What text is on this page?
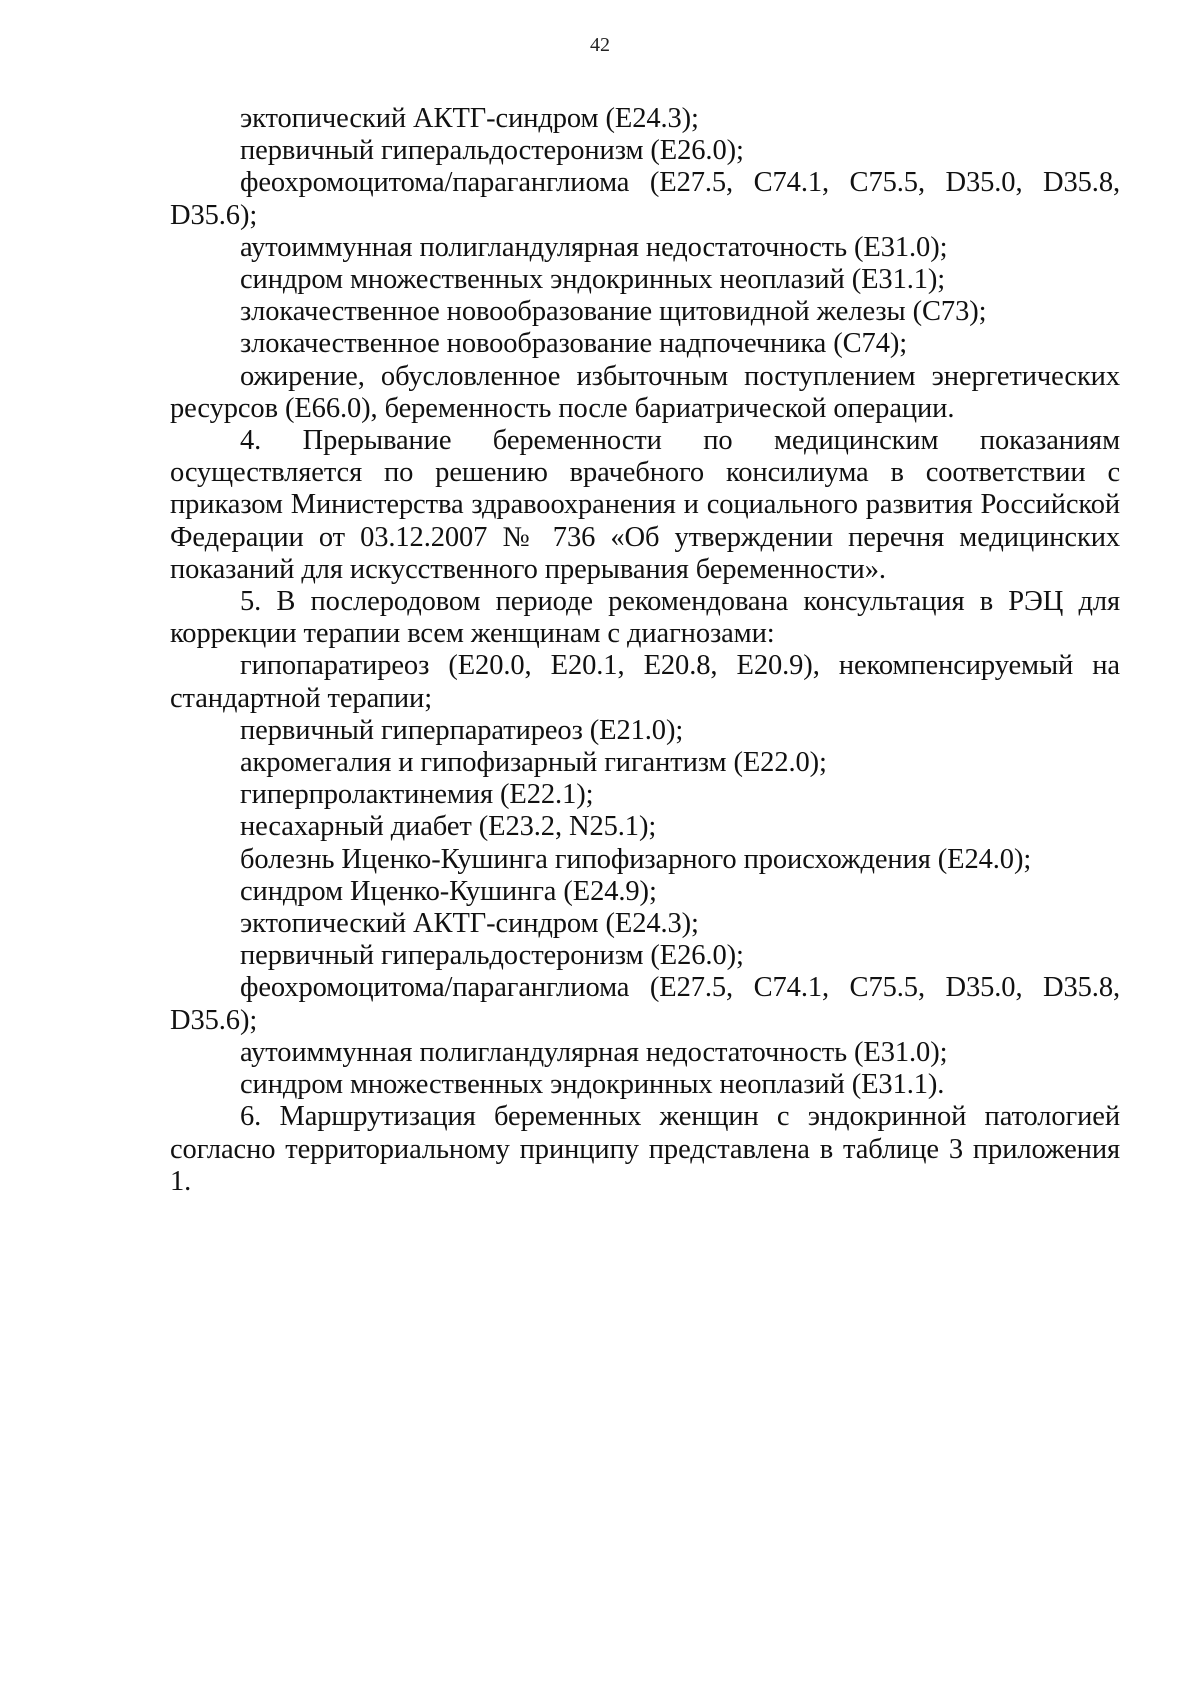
42

эктопический АКТГ-синдром (E24.3);

первичный гиперальдостеронизм (E26.0);

феохромоцитома/параганглиома (E27.5, C74.1, C75.5, D35.0, D35.8, D35.6);

аутоиммунная полигландулярная недостаточность (E31.0);

синдром множественных эндокринных неоплазий (E31.1);

злокачественное новообразование щитовидной железы (C73);

злокачественное новообразование надпочечника (C74);

ожирение, обусловленное избыточным поступлением энергетических ресурсов (E66.0), беременность после бариатрической операции.

4. Прерывание беременности по медицинским показаниям осуществляется по решению врачебного консилиума в соответствии с приказом Министерства здравоохранения и социального развития Российской Федерации от 03.12.2007 № 736 «Об утверждении перечня медицинских показаний для искусственного прерывания беременности».

5. В послеродовом периоде рекомендована консультация в РЭЦ для коррекции терапии всем женщинам с диагнозами:

гипопаратиреоз (E20.0, E20.1, E20.8, E20.9), некомпенсируемый на стандартной терапии;

первичный гиперпаратиреоз (E21.0);

акромегалия и гипофизарный гигантизм (E22.0);

гиперпролактинемия (E22.1);

несахарный диабет (E23.2, N25.1);

болезнь Иценко-Кушинга гипофизарного происхождения (E24.0);

синдром Иценко-Кушинга (E24.9);

эктопический АКТГ-синдром (E24.3);

первичный гиперальдостеронизм (E26.0);

феохромоцитома/параганглиома (E27.5, C74.1, C75.5, D35.0, D35.8, D35.6);

аутоиммунная полигландулярная недостаточность (E31.0);

синдром множественных эндокринных неоплазий (E31.1).

6. Маршрутизация беременных женщин с эндокринной патологией согласно территориальному принципу представлена в таблице 3 приложения 1.
